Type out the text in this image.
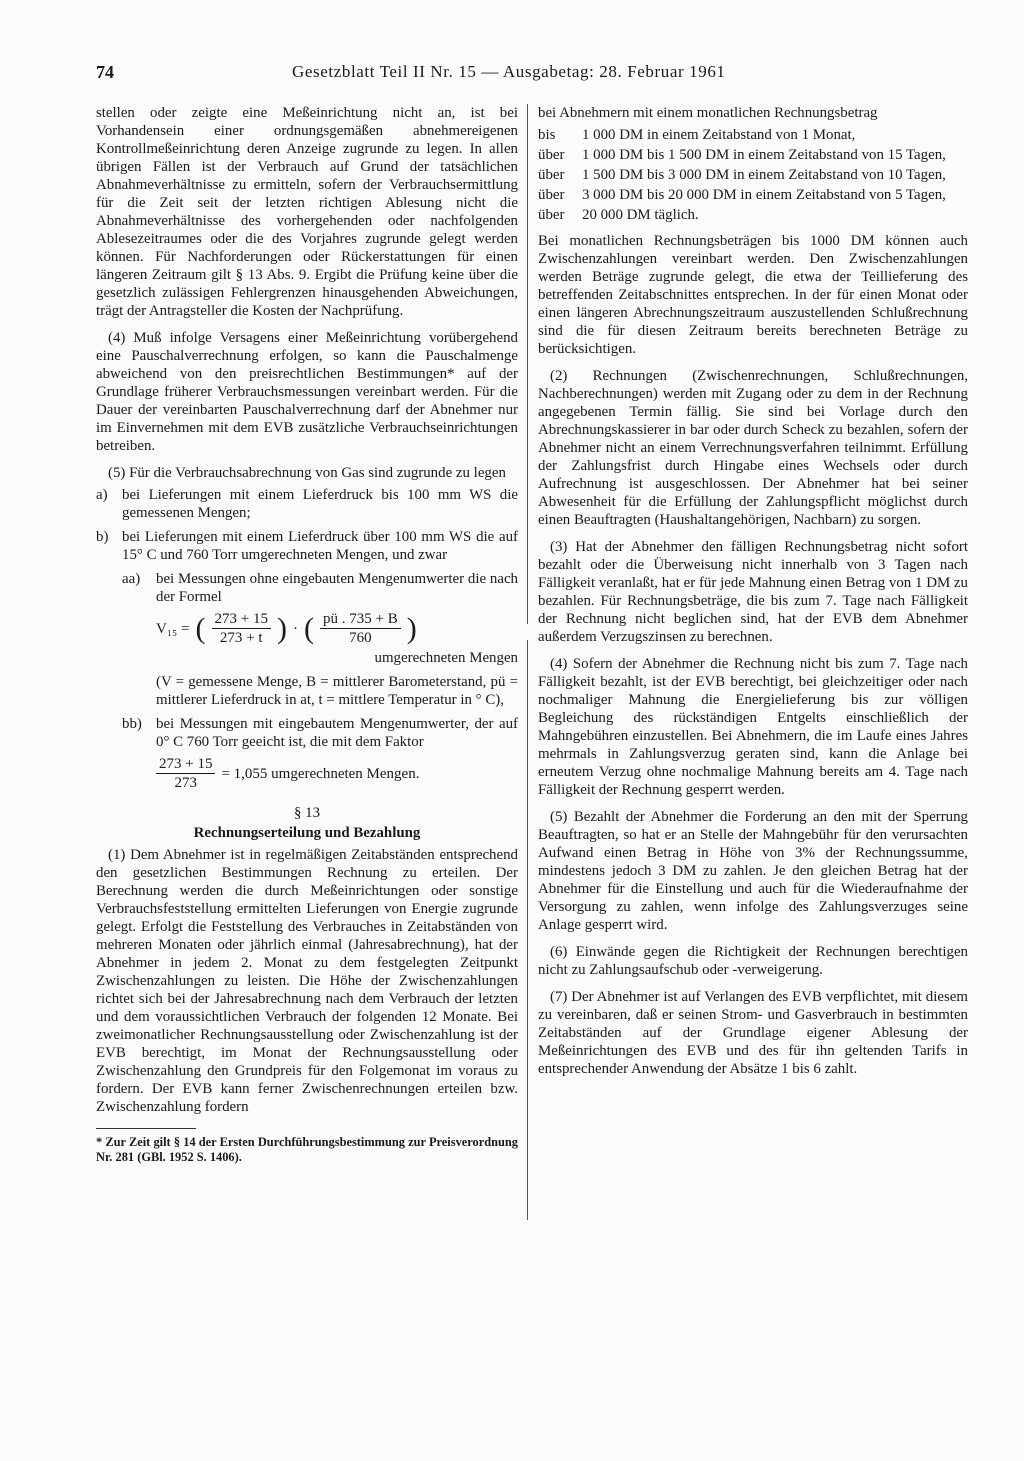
74	Gesetzblatt Teil II Nr. 15 — Ausgabetag: 28. Februar 1961

stellen oder zeigte eine Meßeinrichtung nicht an, ist bei Vorhandensein einer ordnungsgemäßen abnehmereigenen Kontrollmeßeinrichtung deren Anzeige zugrunde zu legen. In allen übrigen Fällen ist der Verbrauch auf Grund der tatsächlichen Abnahmeverhältnisse zu ermitteln, sofern der Verbrauchsermittlung für die Zeit seit der letzten richtigen Ablesung nicht die Abnahmeverhältnisse des vorhergehenden oder nachfolgenden Ablesezeitraumes oder die des Vorjahres zugrunde gelegt werden können. Für Nachforderungen oder Rückerstattungen für einen längeren Zeitraum gilt § 13 Abs. 9. Ergibt die Prüfung keine über die gesetzlich zulässigen Fehlergrenzen hinausgehenden Abweichungen, trägt der Antragsteller die Kosten der Nachprüfung.

(4) Muß infolge Versagens einer Meßeinrichtung vorübergehend eine Pauschalverrechnung erfolgen, so kann die Pauschalmenge abweichend von den preisrechtlichen Bestimmungen* auf der Grundlage früherer Verbrauchsmessungen vereinbart werden. Für die Dauer der vereinbarten Pauschalverrechnung darf der Abnehmer nur im Einvernehmen mit dem EVB zusätzliche Verbrauchseinrichtungen betreiben.

(5) Für die Verbrauchsabrechnung von Gas sind zugrunde zu legen

a) bei Lieferungen mit einem Lieferdruck bis 100 mm WS die gemessenen Mengen;
b) bei Lieferungen mit einem Lieferdruck über 100 mm WS die auf 15° C und 760 Torr umgerechneten Mengen, und zwar
aa)	bei Messungen ohne eingebauten Mengenumwerter die nach der Formel
V₁₅ = ( $\frac{273 + 15}{273 + t}$ ) · ( $\frac{pü . 735 + B}{760}$ )
umgerechneten Mengen

(V = gemessene Menge, B = mittlerer Barometerstand, pü = mittlerer Lieferdruck in at, t = mittlere Temperatur in ° C),

bb) bei Messungen mit eingebautem Mengenumwerter, der auf 0° C 760 Torr geeicht ist, die mit dem Faktor
$\frac{273 + 15}{273} = 1,055$ umgerechneten Mengen.
§ 13
Rechnungserteilung und Bezahlung

(1) Dem Abnehmer ist in regelmäßigen Zeitabständen entsprechend den gesetzlichen Bestimmungen Rechnung zu erteilen. Der Berechnung werden die durch Meßeinrichtungen oder sonstige Verbrauchsfeststellung ermittelten Lieferungen von Energie zugrunde gelegt. Erfolgt die Feststellung des Verbrauches in Zeitabständen von mehreren Monaten oder jährlich einmal (Jahresabrechnung), hat der Abnehmer in jedem 2. Monat zu dem festgelegten Zeitpunkt Zwischenzahlungen zu leisten. Die Höhe der Zwischenzahlungen richtet sich bei der Jahresabrechnung nach dem Verbrauch der letzten und dem voraussichtlichen Verbrauch der folgenden 12 Monate. Bei zweimonatlicher Rechnungsausstellung oder Zwischenzahlung ist der EVB berechtigt, im Monat der Rechnungsausstellung oder Zwischenzahlung den Grundpreis für den Folgemonat im voraus zu fordern. Der EVB kann ferner Zwischenrechnungen erteilen bzw. Zwischenzahlung fordern

* Zur Zeit gilt § 14 der Ersten Durchführungsbestimmung zur Preisverordnung Nr. 281 (GBl. 1952 S. 1406).

bei Abnehmern mit einem monatlichen Rechnungsbetrag

bis	1 000 DM in einem Zeitabstand von 1 Monat,
über	1 000 DM bis 1 500 DM in einem Zeitabstand von 15 Tagen,
über	1 500 DM bis 3 000 DM in einem Zeitabstand von 10 Tagen,
über	3 000 DM bis 20 000 DM in einem Zeitabstand von 5 Tagen,
über	20 000 DM täglich.

Bei monatlichen Rechnungsbeträgen bis 1000 DM können auch Zwischenzahlungen vereinbart werden. Den Zwischenzahlungen werden Beträge zugrunde gelegt, die etwa der Teillieferung des betreffenden Zeitabschnittes entsprechen. In der für einen Monat oder einen längeren Abrechnungszeitraum auszustellenden Schlußrechnung sind die für diesen Zeitraum bereits berechneten Beträge zu berücksichtigen.

(2) Rechnungen (Zwischenrechnungen, Schlußrechnungen, Nachberechnungen) werden mit Zugang oder zu dem in der Rechnung angegebenen Termin fällig. Sie sind bei Vorlage durch den Abrechnungskassierer in bar oder durch Scheck zu bezahlen, sofern der Abnehmer nicht an einem Verrechnungsverfahren teilnimmt. Erfüllung der Zahlungsfrist durch Hingabe eines Wechsels oder durch Aufrechnung ist ausgeschlossen. Der Abnehmer hat bei seiner Abwesenheit für die Erfüllung der Zahlungspflicht möglichst durch einen Beauftragten (Haushaltangehörigen, Nachbarn) zu sorgen.

(3) Hat der Abnehmer den fälligen Rechnungsbetrag nicht sofort bezahlt oder die Überweisung nicht innerhalb von 3 Tagen nach Fälligkeit veranlaßt, hat er für jede Mahnung einen Betrag von 1 DM zu bezahlen. Für Rechnungsbeträge, die bis zum 7. Tage nach Fälligkeit der Rechnung nicht beglichen sind, hat der EVB dem Abnehmer außerdem Verzugszinsen zu berechnen.

(4) Sofern der Abnehmer die Rechnung nicht bis zum 7. Tage nach Fälligkeit bezahlt, ist der EVB berechtigt, bei gleichzeitiger oder nach nochmaliger Mahnung die Energielieferung bis zur völligen Begleichung des rückständigen Entgelts einschließlich der Mahngebühren einzustellen. Bei Abnehmern, die im Laufe eines Jahres mehrmals in Zahlungsverzug geraten sind, kann die Anlage bei erneutem Verzug ohne nochmalige Mahnung bereits am 4. Tage nach Fälligkeit der Rechnung gesperrt werden.

(5) Bezahlt der Abnehmer die Forderung an den mit der Sperrung Beauftragten, so hat er an Stelle der Mahngebühr für den verursachten Aufwand einen Betrag in Höhe von 3% der Rechnungssumme, mindestens jedoch 3 DM zu zahlen. Je den gleichen Betrag hat der Abnehmer für die Einstellung und auch für die Wiederaufnahme der Versorgung zu zahlen, wenn infolge des Zahlungsverzuges seine Anlage gesperrt wird.

(6) Einwände gegen die Richtigkeit der Rechnungen berechtigen nicht zu Zahlungsaufschub oder -verweigerung.

(7) Der Abnehmer ist auf Verlangen des EVB verpflichtet, mit diesem zu vereinbaren, daß er seinen Strom- und Gasverbrauch in bestimmten Zeitabständen auf der Grundlage eigener Ablesung der Meßeinrichtungen des EVB und des für ihn geltenden Tarifs in entsprechender Anwendung der Absätze 1 bis 6 zahlt.
